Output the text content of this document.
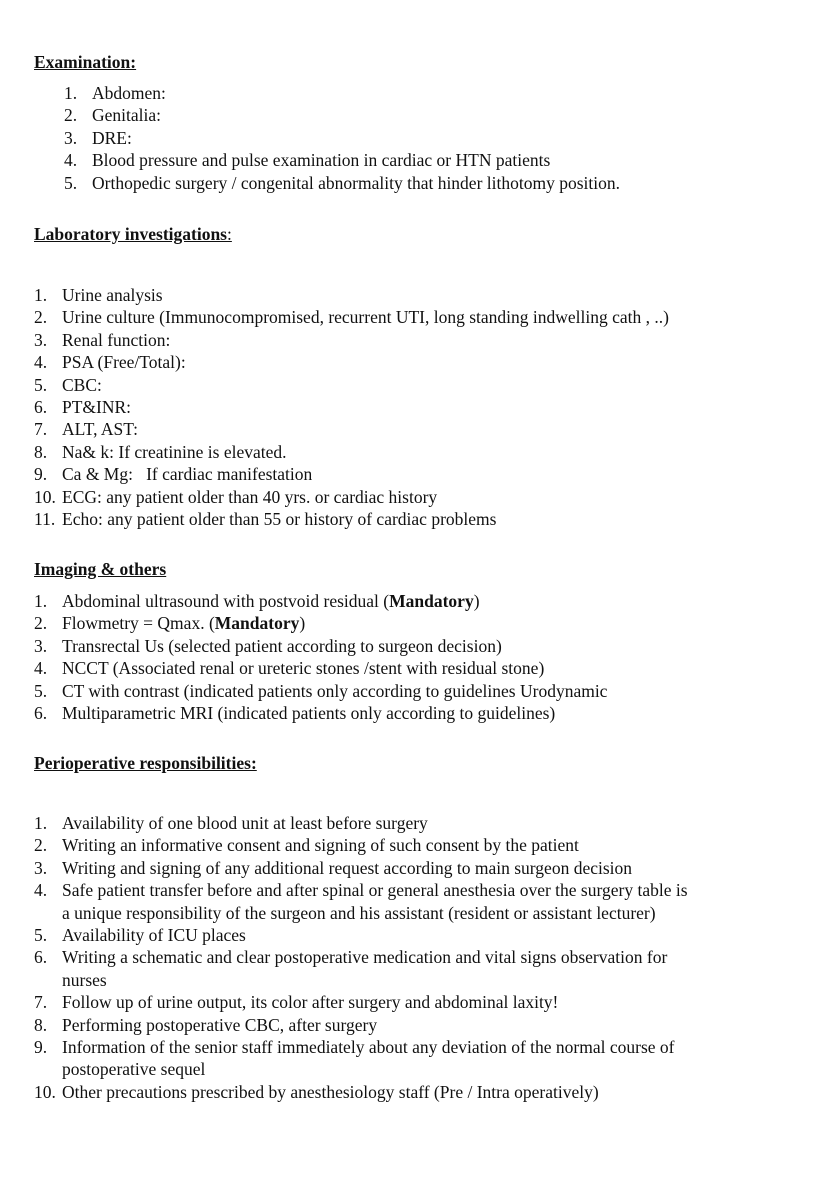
Examination:
1. Abdomen:
2. Genitalia:
3. DRE:
4. Blood pressure and pulse examination in cardiac or HTN patients
5. Orthopedic surgery / congenital abnormality that hinder lithotomy position.
Laboratory investigations:
1. Urine analysis
2. Urine culture (Immunocompromised, recurrent UTI, long standing indwelling cath , ..)
3. Renal function:
4. PSA (Free/Total):
5. CBC:
6. PT&INR:
7. ALT, AST:
8. Na& k: If creatinine is elevated.
9. Ca & Mg:   If cardiac manifestation
10. ECG: any patient older than 40 yrs. or cardiac history
11. Echo: any patient older than 55 or history of cardiac problems
Imaging & others
1. Abdominal ultrasound with postvoid residual (Mandatory)
2. Flowmetry = Qmax. (Mandatory)
3. Transrectal Us (selected patient according to surgeon decision)
4. NCCT (Associated renal or ureteric stones /stent with residual stone)
5. CT with contrast (indicated patients only according to guidelines Urodynamic
6. Multiparametric MRI (indicated patients only according to guidelines)
Perioperative responsibilities:
1. Availability of one blood unit at least before surgery
2. Writing an informative consent and signing of such consent by the patient
3. Writing and signing of any additional request according to main surgeon decision
4. Safe patient transfer before and after spinal or general anesthesia over the surgery table is
a unique responsibility of the surgeon and his assistant (resident or assistant lecturer)
5. Availability of ICU places
6. Writing a schematic and clear postoperative medication and vital signs observation for
nurses
7. Follow up of urine output, its color after surgery and abdominal laxity!
8. Performing postoperative CBC, after surgery
9. Information of the senior staff immediately about any deviation of the normal course of
postoperative sequel
10. Other precautions prescribed by anesthesiology staff (Pre / Intra operatively)
